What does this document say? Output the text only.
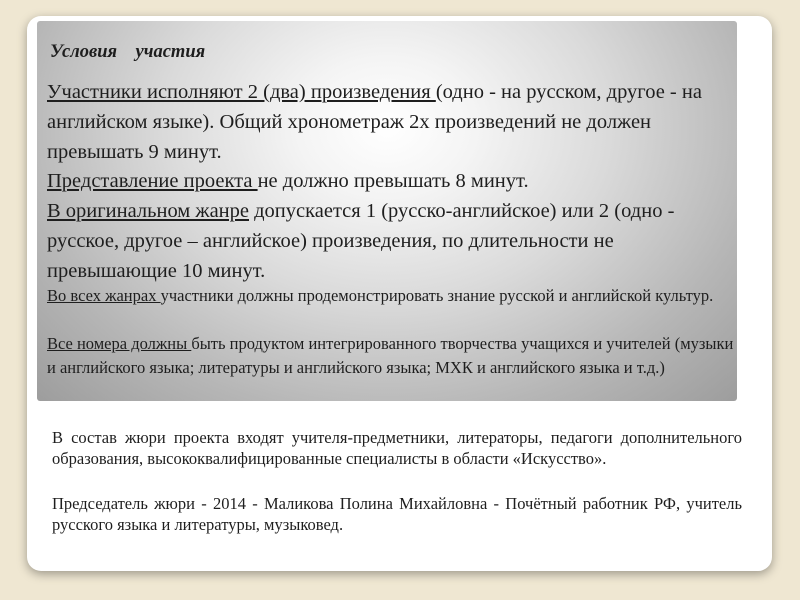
Условия    участия

Участники исполняют 2 (два) произведения (одно - на русском, другое - на английском языке). Общий хронометраж 2х произведений не должен превышать 9 минут.

Представление проекта не должно превышать 8 минут.

В оригинальном жанре допускается 1 (русско-английское) или 2 (одно - русское, другое – английское) произведения, по длительности не превышающие 10 минут.

Во всех жанрах участники должны продемонстрировать знание русской и английской культур.

Все номера должны быть продуктом интегрированного творчества учащихся и учителей (музыки и английского языка; литературы и английского языка; МХК и английского языка и т.д.)

В состав жюри проекта входят учителя-предметники, литераторы, педагоги дополнительного образования, высококвалифицированные специалисты в области «Искусство».

Председатель жюри - 2014 - Маликова Полина Михайловна - Почётный работник РФ, учитель русского языка и литературы, музыковед.
